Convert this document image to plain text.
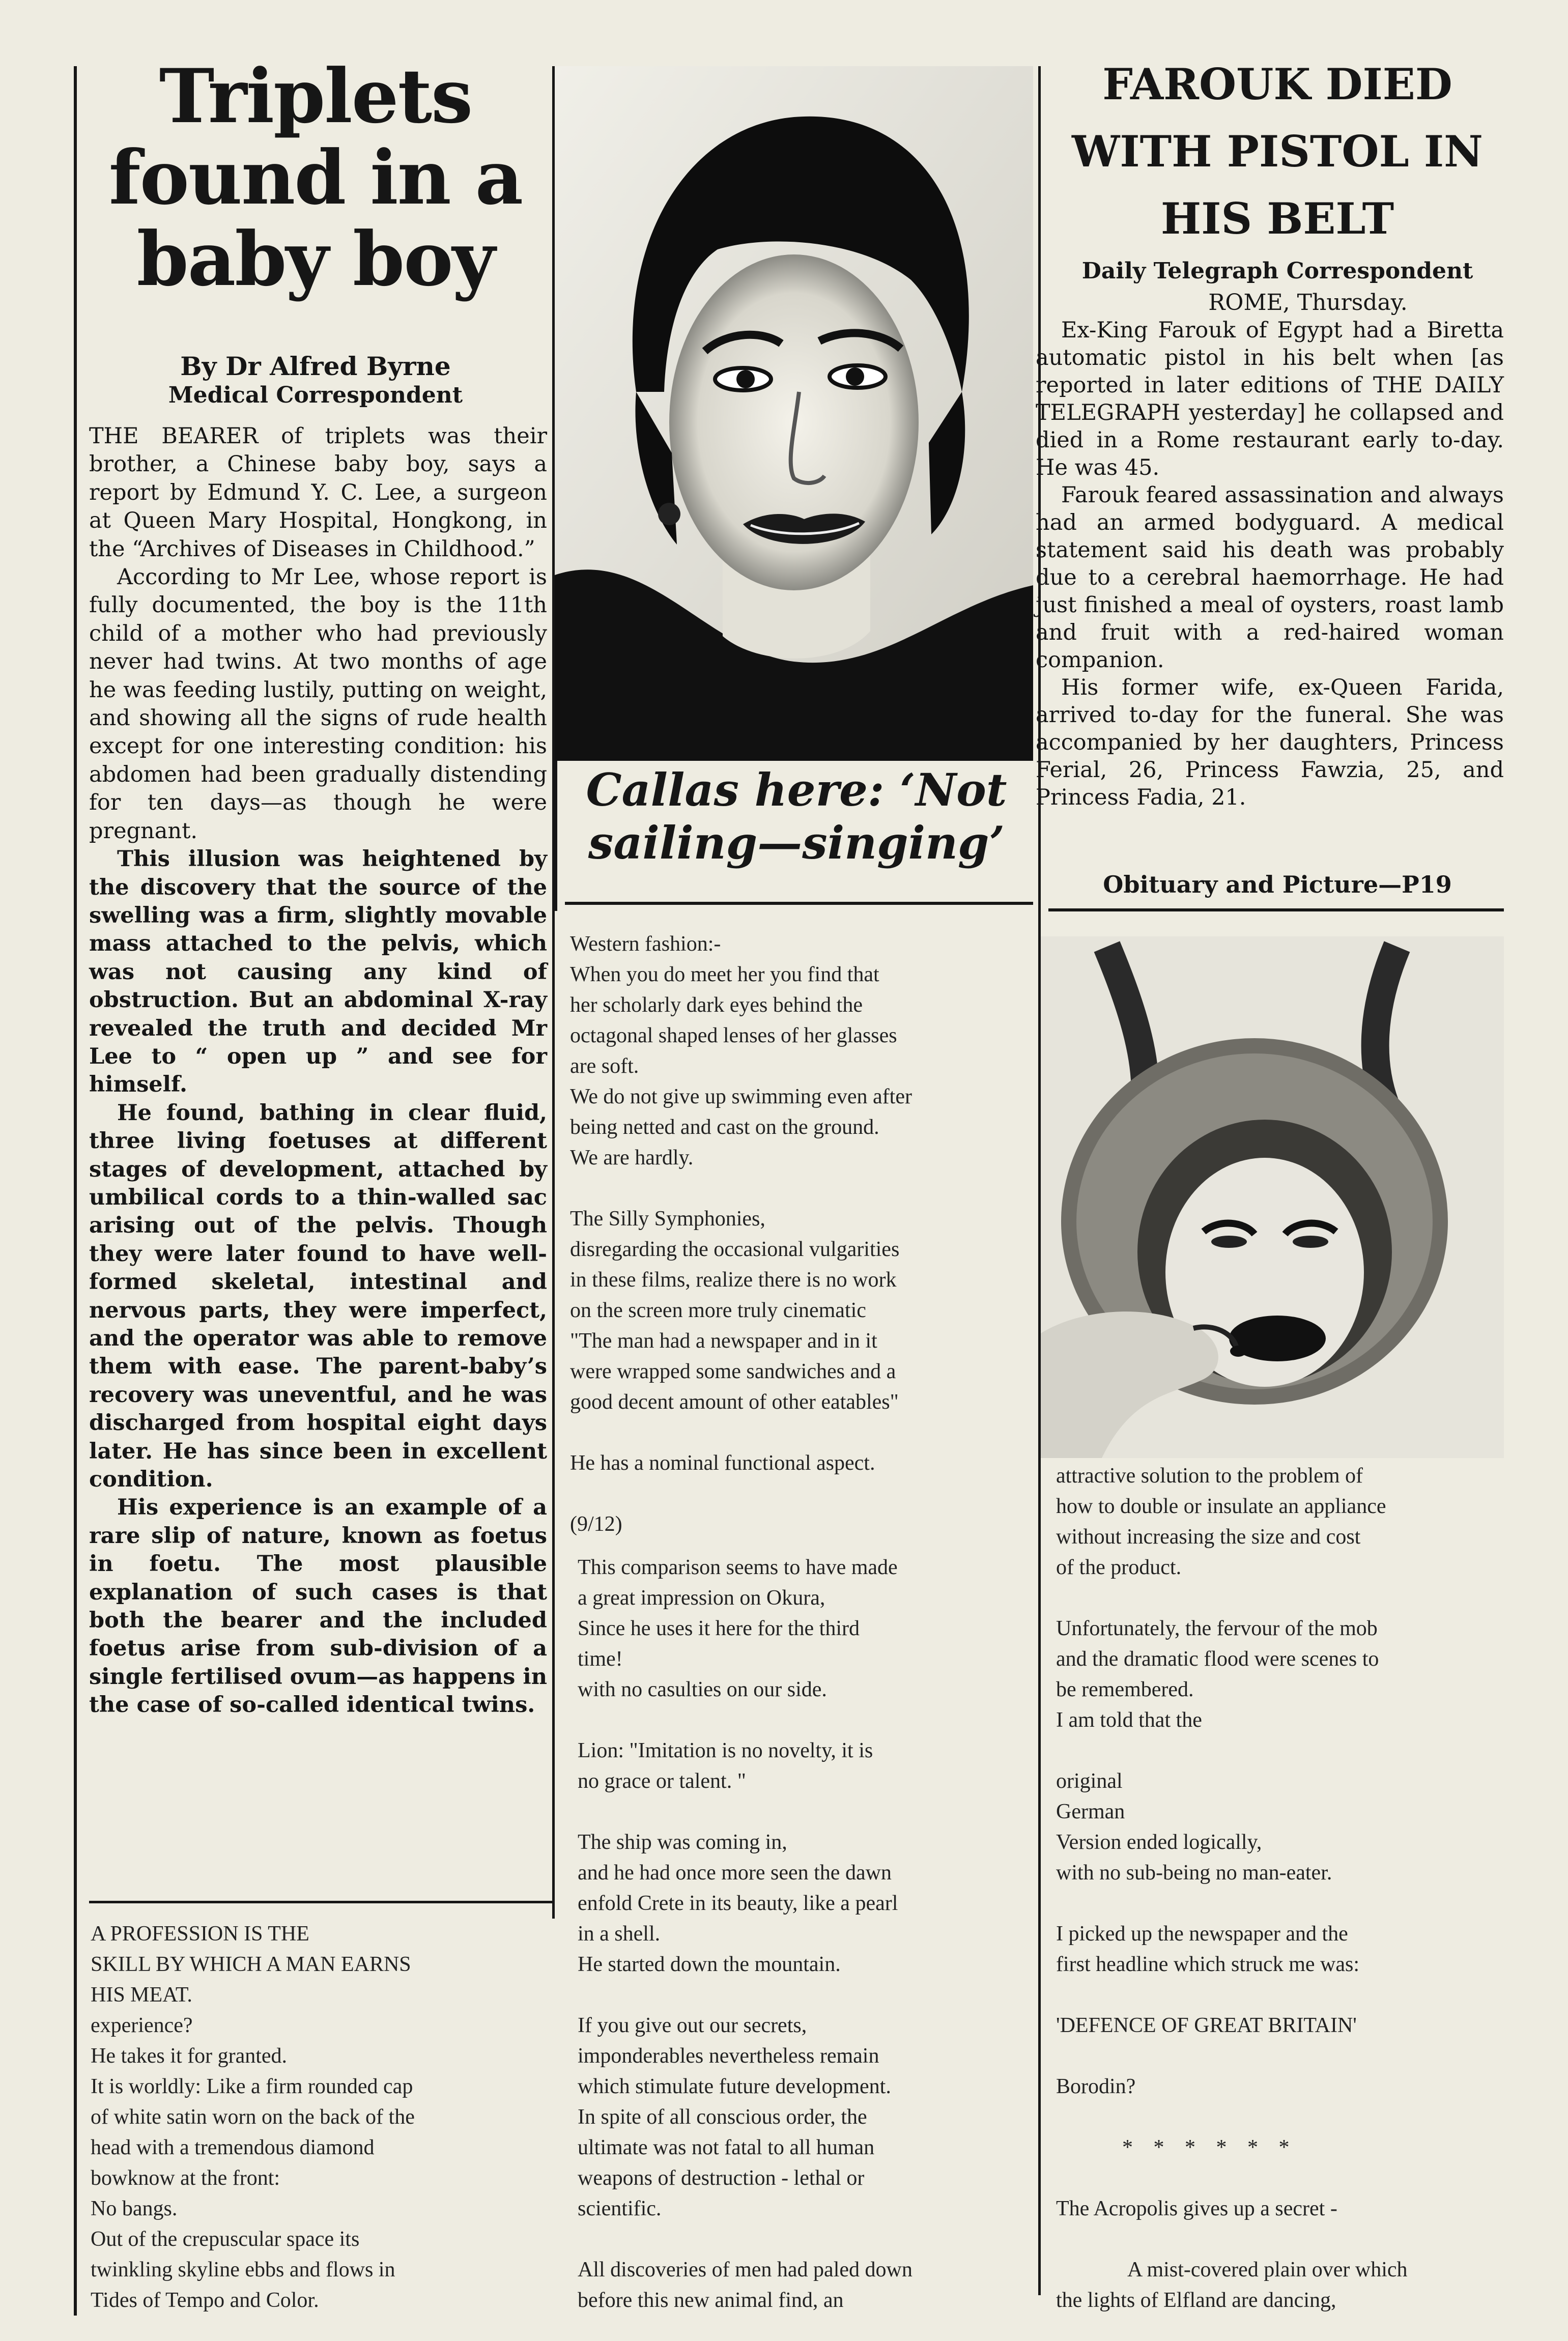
Triplets
found in a
baby boy
By Dr Alfred Byrne
Medical Correspondent

THE BEARER of triplets was their brother, a Chinese baby boy, says a report by Edmund Y. C. Lee, a surgeon at Queen Mary Hospital, Hongkong, in the “Archives of Diseases in Childhood.”

According to Mr Lee, whose report is fully documented, the boy is the 11th child of a mother who had previously never had twins. At two months of age he was feeding lustily, putting on weight, and showing all the signs of rude health except for one interesting condition: his abdomen had been gradually distending for ten days—as though he were pregnant.

This illusion was heightened by the discovery that the source of the swelling was a firm, slightly movable mass attached to the pelvis, which was not causing any kind of obstruction. But an abdominal X-ray revealed the truth and decided Mr Lee to “ open up ” and see for himself.

He found, bathing in clear fluid, three living foetuses at different stages of development, attached by umbilical cords to a thin-walled sac arising out of the pelvis. Though they were later found to have well-formed skeletal, intestinal and nervous parts, they were imperfect, and the operator was able to remove them with ease. The parent-baby’s recovery was uneventful, and he was discharged from hospital eight days later. He has since been in excellent condition.

His experience is an example of a rare slip of nature, known as foetus in foetu. The most plausible explanation of such cases is that both the bearer and the included foetus arise from sub-division of a single fertilised ovum—as happens in the case of so-called identical twins.

A PROFESSION IS THE

SKILL BY WHICH A MAN EARNS

HIS MEAT.

experience?

He takes it for granted.

It is worldly: Like a firm rounded cap

of white satin worn on the back of the

head with a tremendous diamond

bowknow at the front:

No bangs.

Out of the crepuscular space its

twinkling skyline ebbs and flows in

Tides of Tempo and Color.

Callas here: ‘Not
sailing—singing’

Western fashion:-

When you do meet her you find that

her scholarly dark eyes behind the

octagonal shaped lenses of her glasses

are soft.

We do not give up swimming even after

being netted and cast on the ground.

We are hardly.

The Silly Symphonies,

disregarding the occasional vulgarities

in these films, realize there is no work

on the screen more truly cinematic

"The man had a newspaper and in it

were wrapped some sandwiches and a

good decent amount of other eatables"

He has a nominal functional aspect.

(9/12)

This comparison seems to have made

a great impression on Okura,

Since he uses it here for the third

time!

with no casulties on our side.

Lion: "Imitation is no novelty, it is

no grace or talent. "

The ship was coming in,

and he had once more seen the dawn

enfold Crete in its beauty, like a pearl

in a shell.

He started down the mountain.

If you give out our secrets,

imponderables nevertheless remain

which stimulate future development.

In spite of all conscious order, the

ultimate was not fatal to all human

weapons of destruction - lethal or

scientific.

All discoveries of men had paled down

before this new animal find, an

FAROUK DIED
WITH PISTOL IN
HIS BELT

Daily Telegraph Correspondent

ROME, Thursday.

Ex-King Farouk of Egypt had a Biretta automatic pistol in his belt when [as reported in later editions of THE DAILY TELEGRAPH yesterday] he collapsed and died in a Rome restaurant early to-day. He was 45.

Farouk feared assassination and always had an armed bodyguard. A medical statement said his death was probably due to a cerebral haemorrhage. He had just finished a meal of oysters, roast lamb and fruit with a red-haired woman companion.

His former wife, ex-Queen Farida, arrived to-day for the funeral. She was accompanied by her daughters, Princess Ferial, 26, Princess Fawzia, 25, and Princess Fadia, 21.

Obituary and Picture—P19

attractive solution to the problem of

how to double or insulate an appliance

without increasing the size and cost

of the product.

Unfortunately, the fervour of the mob

and the dramatic flood were scenes to

be remembered.

I am told that the

original

German

Version ended logically,

with no sub-being no man-eater.

I picked up the newspaper and the

first headline which struck me was:

'DEFENCE OF GREAT BRITAIN'

Borodin?

* * * * * *

The Acropolis gives up a secret -

A mist-covered plain over which

the lights of Elfland are dancing,
